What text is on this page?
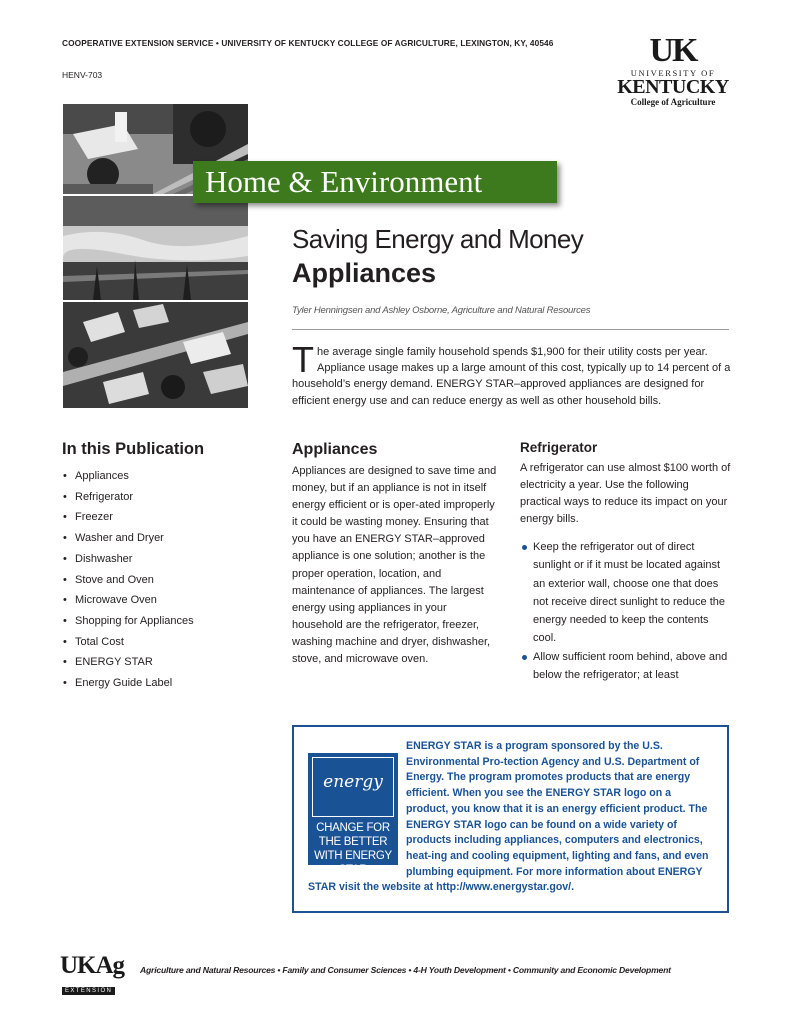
COOPERATIVE EXTENSION SERVICE • UNIVERSITY OF KENTUCKY COLLEGE OF AGRICULTURE, LEXINGTON, KY, 40546
HENV-703
UK
UNIVERSITY OF
KENTUCKY
College of Agriculture
Home & Environment
Saving Energy and Money
Appliances
Tyler Henningsen and Ashley Osborne, Agriculture and Natural Resources
T he average single family household spends $1,900 for their utility costs per year. Appliance usage makes up a large amount of this cost, typically up to 14 percent of a household’s energy demand. ENERGY STAR–approved appliances are designed for efficient energy use and can reduce energy as well as other household bills.
In this Publication
• Appliances
• Refrigerator
• Freezer
• Washer and Dryer
• Dishwasher
• Stove and Oven
• Microwave Oven
• Shopping for Appliances
• Total Cost
• ENERGY STAR
• Energy Guide Label
Appliances
Appliances are designed to save time and money, but if an appliance is not in itself energy efficient or is oper-ated improperly it could be wasting money. Ensuring that you have an ENERGY STAR–approved appliance is one solution; another is the proper operation, location, and maintenance of appliances. The largest energy using appliances in your household are the refrigerator, freezer, washing machine and dryer, dishwasher, stove, and microwave oven.
Refrigerator
A refrigerator can use almost $100 worth of electricity a year. Use the following practical ways to reduce its impact on your energy bills.
Keep the refrigerator out of direct sunlight or if it must be located against an exterior wall, choose one that does not receive direct sunlight to reduce the energy needed to keep the contents cool.
Allow sufficient room behind, above and below the refrigerator; at least
energy
CHANGE FOR THE BETTER WITH ENERGY STAR
ENERGY STAR is a program sponsored by the U.S. Environmental Pro-tection Agency and U.S. Department of Energy. The program promotes products that are energy efficient. When you see the ENERGY STAR logo on a product, you know that it is an energy efficient product. The ENERGY STAR logo can be found on a wide variety of products including appliances, computers and electronics, heat-ing and cooling equipment, lighting and fans, and even plumbing equipment. For more information about ENERGY STAR visit the website at http://www.energystar.gov/.
UKAg
EXTENSION
Agriculture and Natural Resources • Family and Consumer Sciences • 4-H Youth Development • Community and Economic Development
